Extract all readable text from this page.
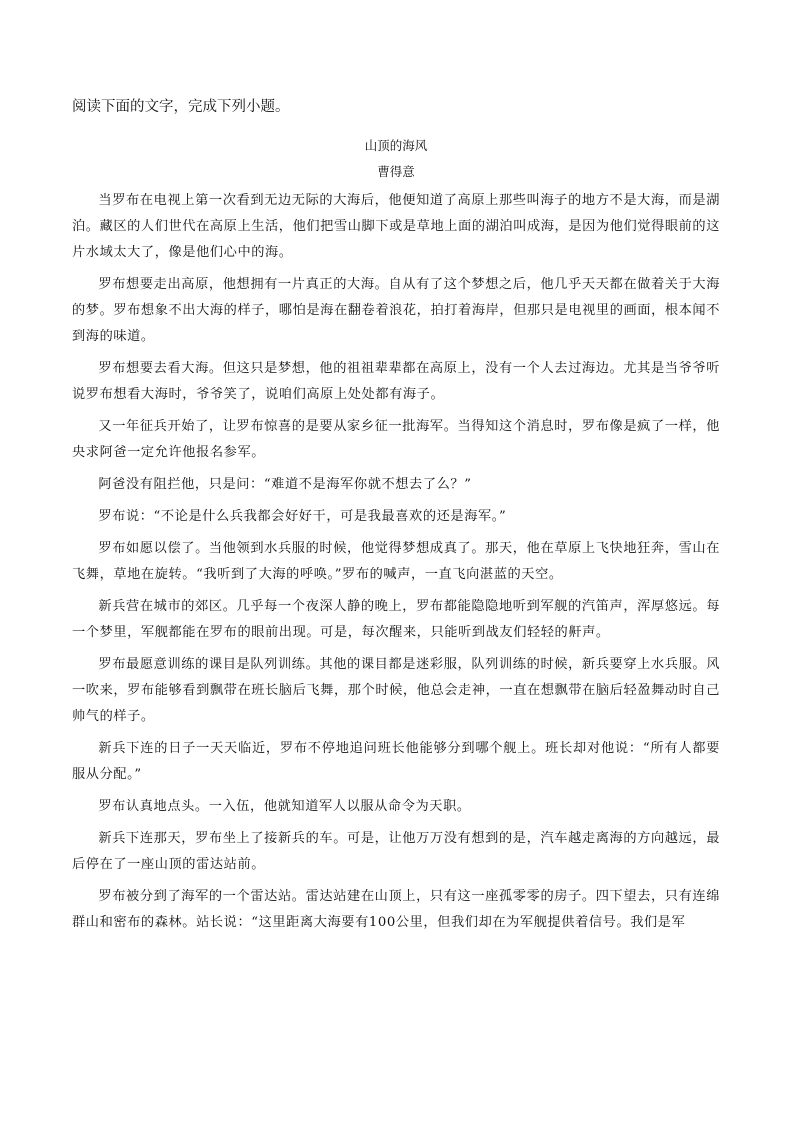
阅读下面的文字，完成下列小题。

山顶的海风
曹得意

当罗布在电视上第一次看到无边无际的大海后，他便知道了高原上那些叫海子的地方不是大海，而是湖泊。藏区的人们世代在高原上生活，他们把雪山脚下或是草地上面的湖泊叫成海，是因为他们觉得眼前的这片水域太大了，像是他们心中的海。

罗布想要走出高原，他想拥有一片真正的大海。自从有了这个梦想之后，他几乎天天都在做着关于大海的梦。罗布想象不出大海的样子，哪怕是海在翻卷着浪花，拍打着海岸，但那只是电视里的画面，根本闻不到海的味道。

罗布想要去看大海。但这只是梦想，他的祖祖辈辈都在高原上，没有一个人去过海边。尤其是当爷爷听说罗布想看大海时，爷爷笑了，说咱们高原上处处都有海子。

又一年征兵开始了，让罗布惊喜的是要从家乡征一批海军。当得知这个消息时，罗布像是疯了一样，他央求阿爸一定允许他报名参军。

阿爸没有阻拦他，只是问：“难道不是海军你就不想去了么？”

罗布说：“不论是什么兵我都会好好干，可是我最喜欢的还是海军。”

罗布如愿以偿了。当他领到水兵服的时候，他觉得梦想成真了。那天，他在草原上飞快地狂奔，雪山在飞舞，草地在旋转。“我听到了大海的呼唤。”罗布的喊声，一直飞向湛蓝的天空。

新兵营在城市的郊区。几乎每一个夜深人静的晚上，罗布都能隐隐地听到军舰的汽笛声，浑厚悠远。每一个梦里，军舰都能在罗布的眼前出现。可是，每次醒来，只能听到战友们轻轻的鼾声。

罗布最愿意训练的课目是队列训练。其他的课目都是迷彩服，队列训练的时候，新兵要穿上水兵服。风一吹来，罗布能够看到飘带在班长脑后飞舞，那个时候，他总会走神，一直在想飘带在脑后轻盈舞动时自己帅气的样子。

新兵下连的日子一天天临近，罗布不停地追问班长他能够分到哪个舰上。班长却对他说：“所有人都要服从分配。”

罗布认真地点头。一入伍，他就知道军人以服从命令为天职。

新兵下连那天，罗布坐上了接新兵的车。可是，让他万万没有想到的是，汽车越走离海的方向越远，最后停在了一座山顶的雷达站前。

罗布被分到了海军的一个雷达站。雷达站建在山顶上，只有这一座孤零零的房子。四下望去，只有连绵群山和密布的森林。站长说：“这里距离大海要有100公里，但我们却在为军舰提供着信号。我们是军
